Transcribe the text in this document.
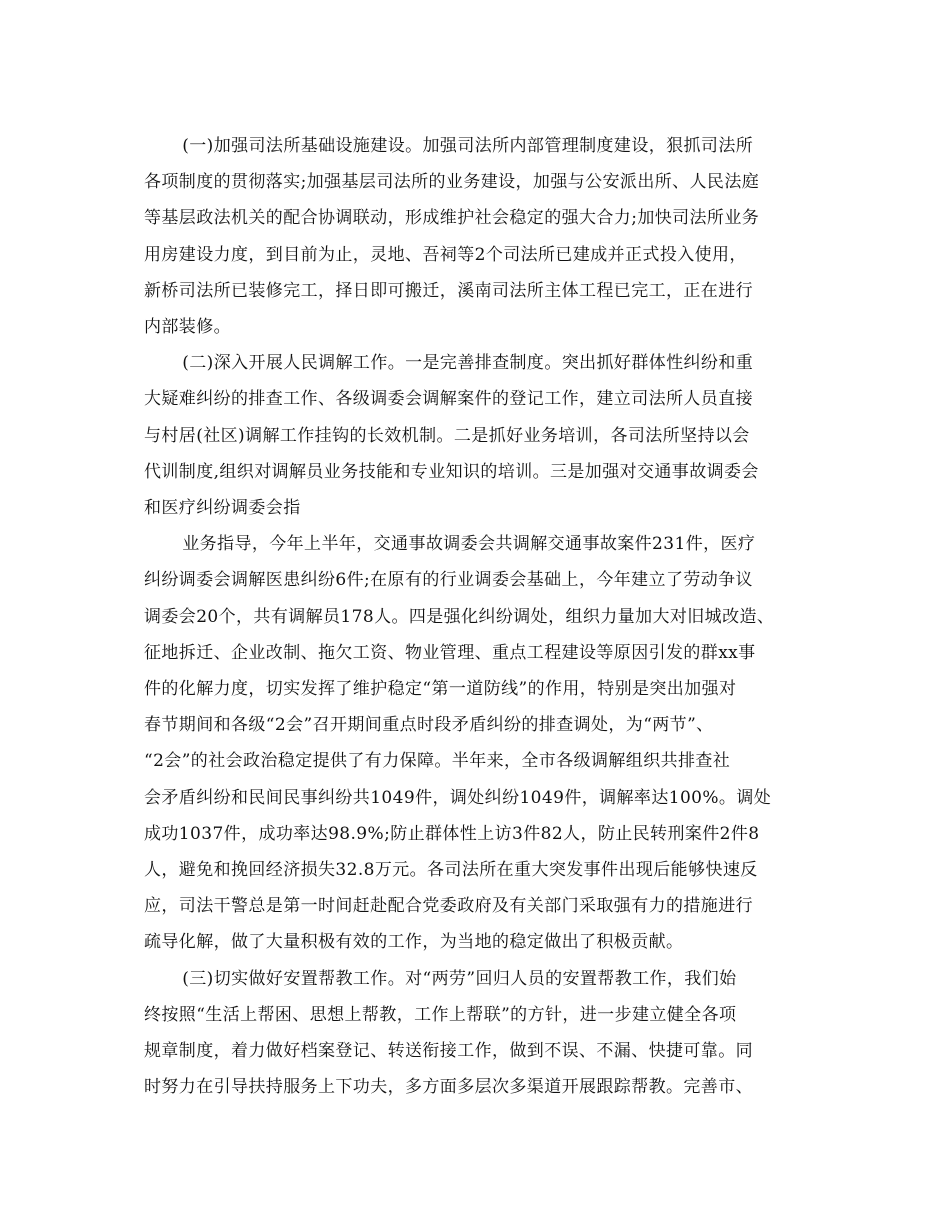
(一)加强司法所基础设施建设。加强司法所内部管理制度建设，狠抓司法所
各项制度的贯彻落实;加强基层司法所的业务建设，加强与公安派出所、人民法庭
等基层政法机关的配合协调联动，形成维护社会稳定的强大合力;加快司法所业务
用房建设力度，到目前为止，灵地、吾祠等2个司法所已建成并正式投入使用，
新桥司法所已装修完工，择日即可搬迁，溪南司法所主体工程已完工，正在进行
内部装修。

(二)深入开展人民调解工作。一是完善排查制度。突出抓好群体性纠纷和重
大疑难纠纷的排查工作、各级调委会调解案件的登记工作，建立司法所人员直接
与村居(社区)调解工作挂钩的长效机制。二是抓好业务培训，各司法所坚持以会
代训制度,组织对调解员业务技能和专业知识的培训。三是加强对交通事故调委会
和医疗纠纷调委会指

业务指导，今年上半年，交通事故调委会共调解交通事故案件231件，医疗
纠纷调委会调解医患纠纷6件;在原有的行业调委会基础上，今年建立了劳动争议
调委会20个，共有调解员178人。四是强化纠纷调处，组织力量加大对旧城改造、
征地拆迁、企业改制、拖欠工资、物业管理、重点工程建设等原因引发的群xx事
件的化解力度，切实发挥了维护稳定“第一道防线”的作用，特别是突出加强对
春节期间和各级“2会”召开期间重点时段矛盾纠纷的排查调处，为“两节”、
“2会”的社会政治稳定提供了有力保障。半年来，全市各级调解组织共排查社
会矛盾纠纷和民间民事纠纷共1049件，调处纠纷1049件，调解率达100%。调处
成功1037件，成功率达98.9%;防止群体性上访3件82人，防止民转刑案件2件8
人，避免和挽回经济损失32.8万元。各司法所在重大突发事件出现后能够快速反
应，司法干警总是第一时间赶赴配合党委政府及有关部门采取强有力的措施进行
疏导化解，做了大量积极有效的工作，为当地的稳定做出了积极贡献。

(三)切实做好安置帮教工作。对“两劳”回归人员的安置帮教工作，我们始
终按照“生活上帮困、思想上帮教，工作上帮联”的方针，进一步建立健全各项
规章制度，着力做好档案登记、转送衔接工作，做到不误、不漏、快捷可靠。同
时努力在引导扶持服务上下功夫，多方面多层次多渠道开展跟踪帮教。完善市、
